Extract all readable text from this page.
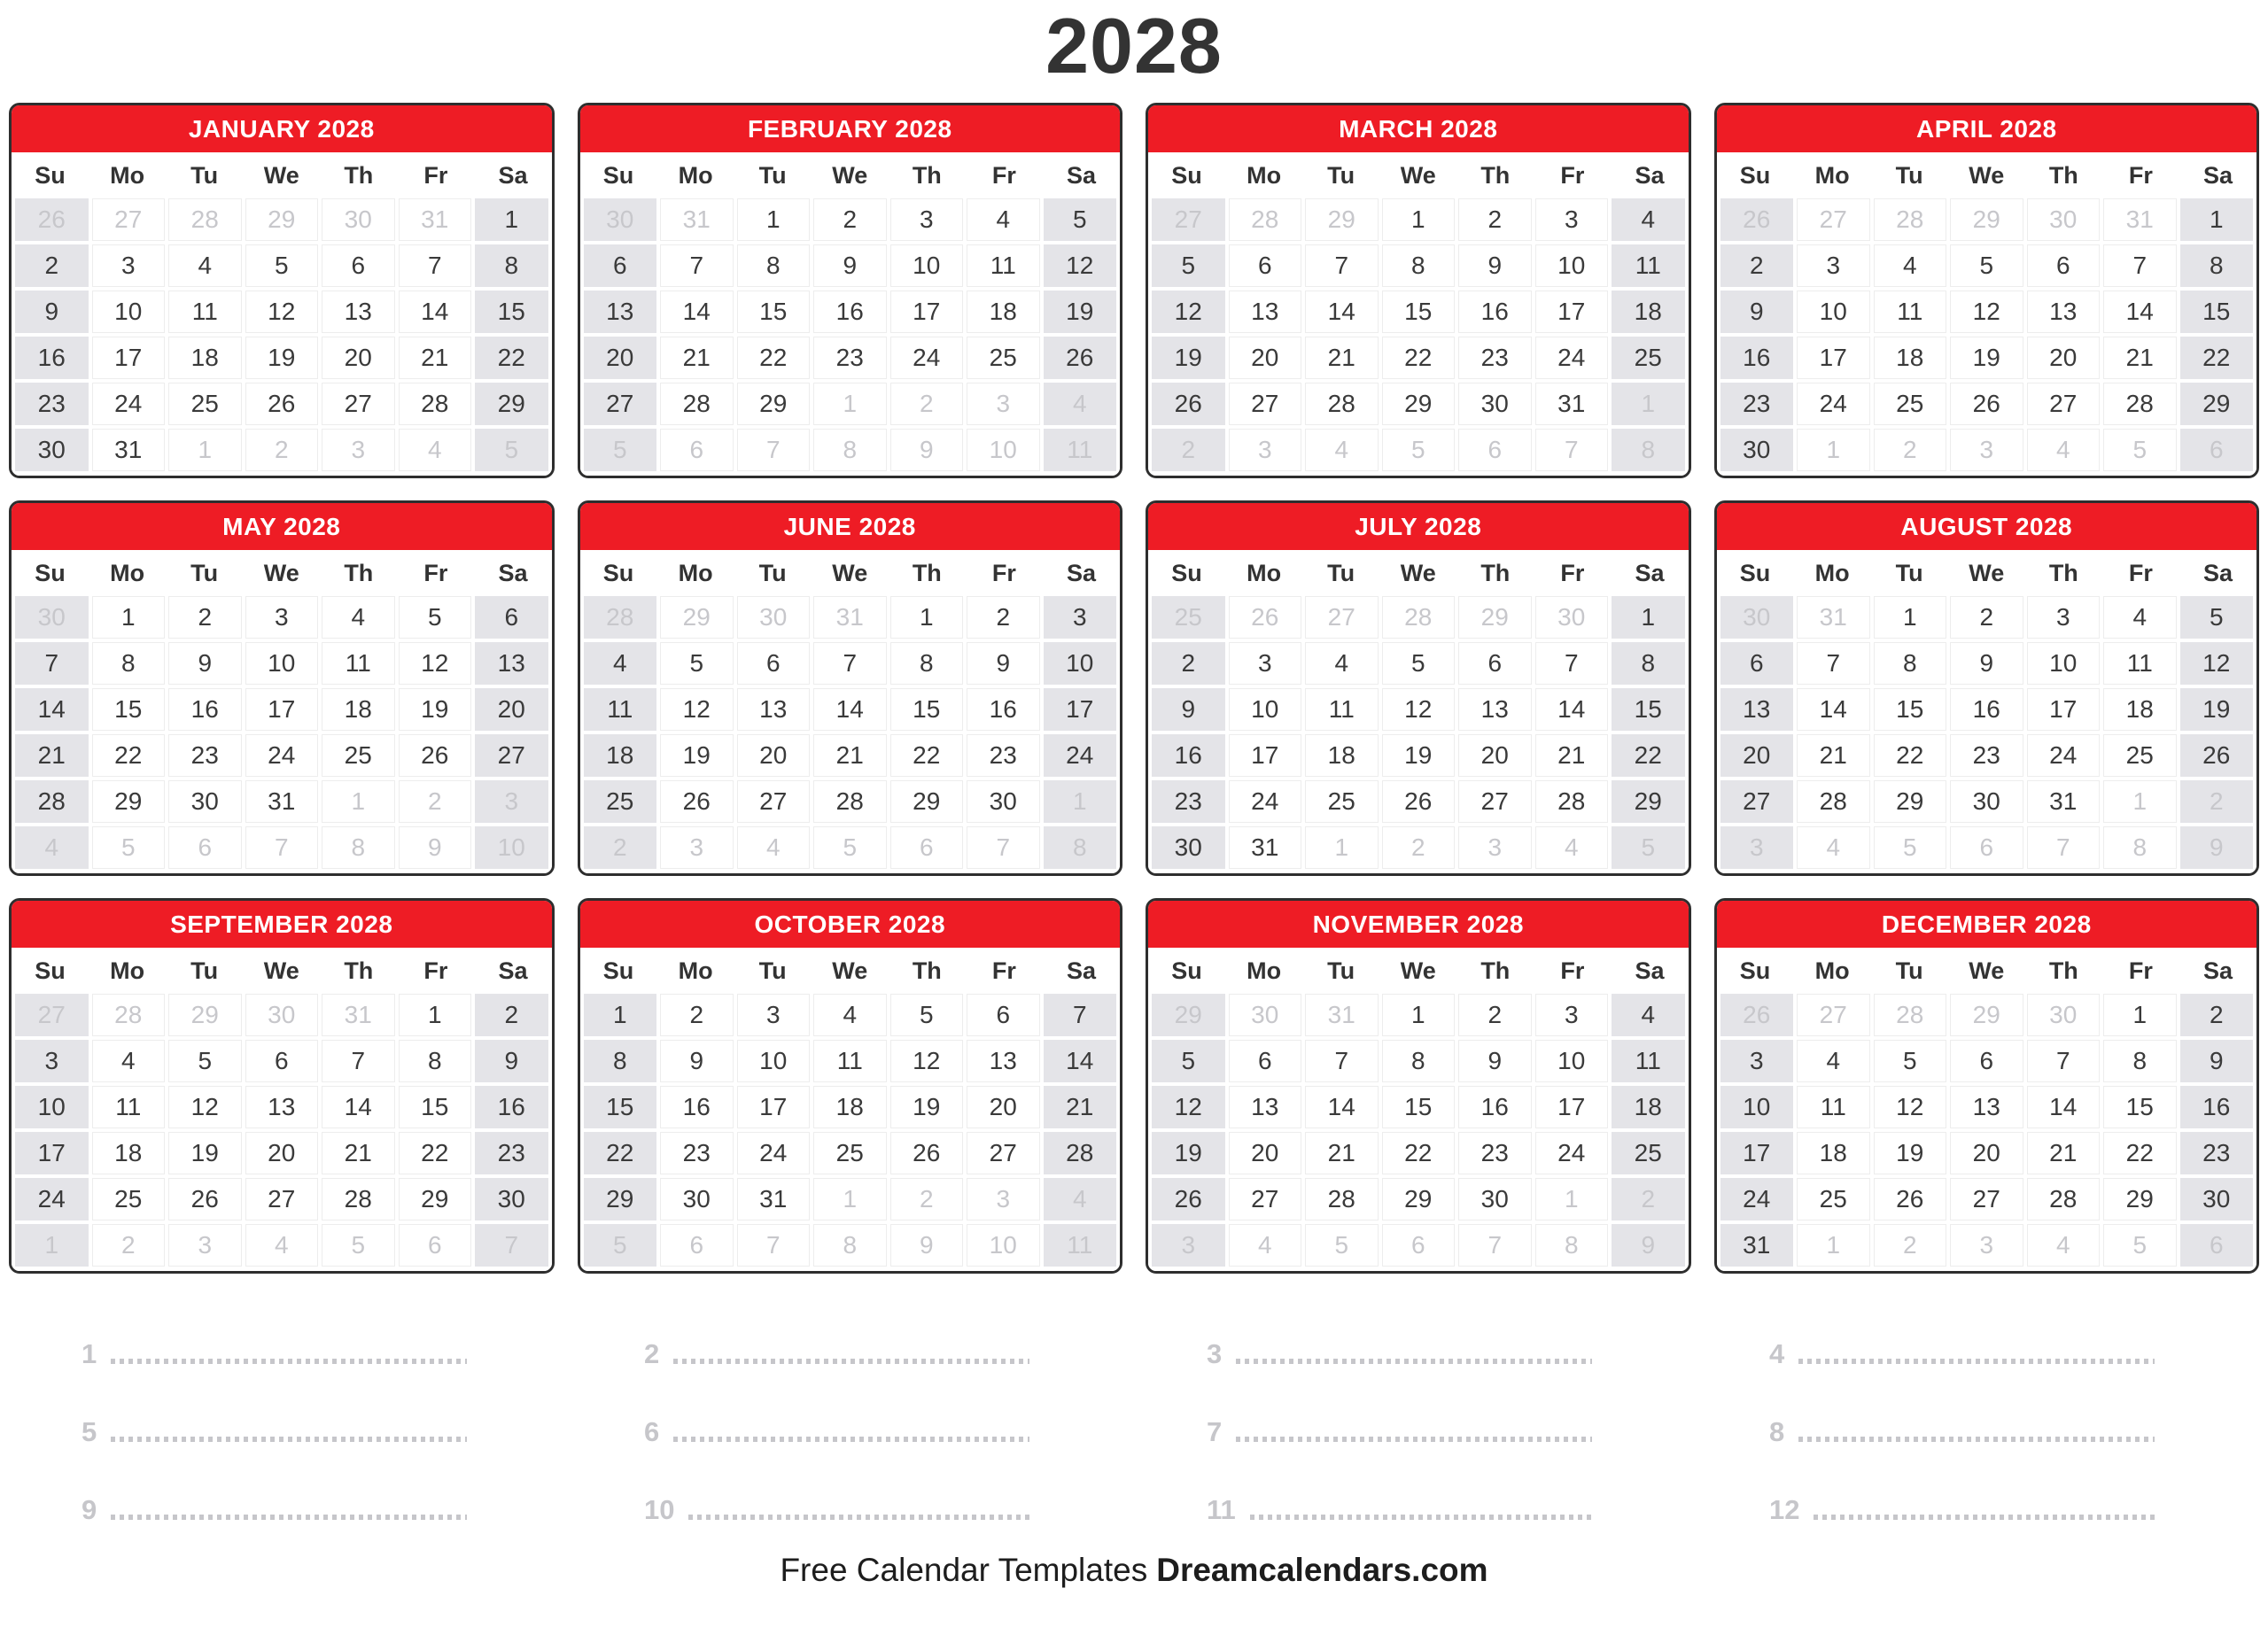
2028
JANUARY 2028
Su	Mo	Tu	We	Th	Fr	Sa
26	27	28	29	30	31	1
2	3	4	5	6	7	8
9	10	11	12	13	14	15
16	17	18	19	20	21	22
23	24	25	26	27	28	29
30	31	1	2	3	4	5
FEBRUARY 2028
Su	Mo	Tu	We	Th	Fr	Sa
30	31	1	2	3	4	5
6	7	8	9	10	11	12
13	14	15	16	17	18	19
20	21	22	23	24	25	26
27	28	29	1	2	3	4
5	6	7	8	9	10	11
MARCH 2028
Su	Mo	Tu	We	Th	Fr	Sa
27	28	29	1	2	3	4
5	6	7	8	9	10	11
12	13	14	15	16	17	18
19	20	21	22	23	24	25
26	27	28	29	30	31	1
2	3	4	5	6	7	8
APRIL 2028
Su	Mo	Tu	We	Th	Fr	Sa
26	27	28	29	30	31	1
2	3	4	5	6	7	8
9	10	11	12	13	14	15
16	17	18	19	20	21	22
23	24	25	26	27	28	29
30	1	2	3	4	5	6
MAY 2028
Su	Mo	Tu	We	Th	Fr	Sa
30	1	2	3	4	5	6
7	8	9	10	11	12	13
14	15	16	17	18	19	20
21	22	23	24	25	26	27
28	29	30	31	1	2	3
4	5	6	7	8	9	10
JUNE 2028
Su	Mo	Tu	We	Th	Fr	Sa
28	29	30	31	1	2	3
4	5	6	7	8	9	10
11	12	13	14	15	16	17
18	19	20	21	22	23	24
25	26	27	28	29	30	1
2	3	4	5	6	7	8
JULY 2028
Su	Mo	Tu	We	Th	Fr	Sa
25	26	27	28	29	30	1
2	3	4	5	6	7	8
9	10	11	12	13	14	15
16	17	18	19	20	21	22
23	24	25	26	27	28	29
30	31	1	2	3	4	5
AUGUST 2028
Su	Mo	Tu	We	Th	Fr	Sa
30	31	1	2	3	4	5
6	7	8	9	10	11	12
13	14	15	16	17	18	19
20	21	22	23	24	25	26
27	28	29	30	31	1	2
3	4	5	6	7	8	9
SEPTEMBER 2028
Su	Mo	Tu	We	Th	Fr	Sa
27	28	29	30	31	1	2
3	4	5	6	7	8	9
10	11	12	13	14	15	16
17	18	19	20	21	22	23
24	25	26	27	28	29	30
1	2	3	4	5	6	7
OCTOBER 2028
Su	Mo	Tu	We	Th	Fr	Sa
1	2	3	4	5	6	7
8	9	10	11	12	13	14
15	16	17	18	19	20	21
22	23	24	25	26	27	28
29	30	31	1	2	3	4
5	6	7	8	9	10	11
NOVEMBER 2028
Su	Mo	Tu	We	Th	Fr	Sa
29	30	31	1	2	3	4
5	6	7	8	9	10	11
12	13	14	15	16	17	18
19	20	21	22	23	24	25
26	27	28	29	30	1	2
3	4	5	6	7	8	9
DECEMBER 2028
Su	Mo	Tu	We	Th	Fr	Sa
26	27	28	29	30	1	2
3	4	5	6	7	8	9
10	11	12	13	14	15	16
17	18	19	20	21	22	23
24	25	26	27	28	29	30
31	1	2	3	4	5	6
1	2	3	4
5	6	7	8
9	10	11	12
Free Calendar Templates Dreamcalendars.com
